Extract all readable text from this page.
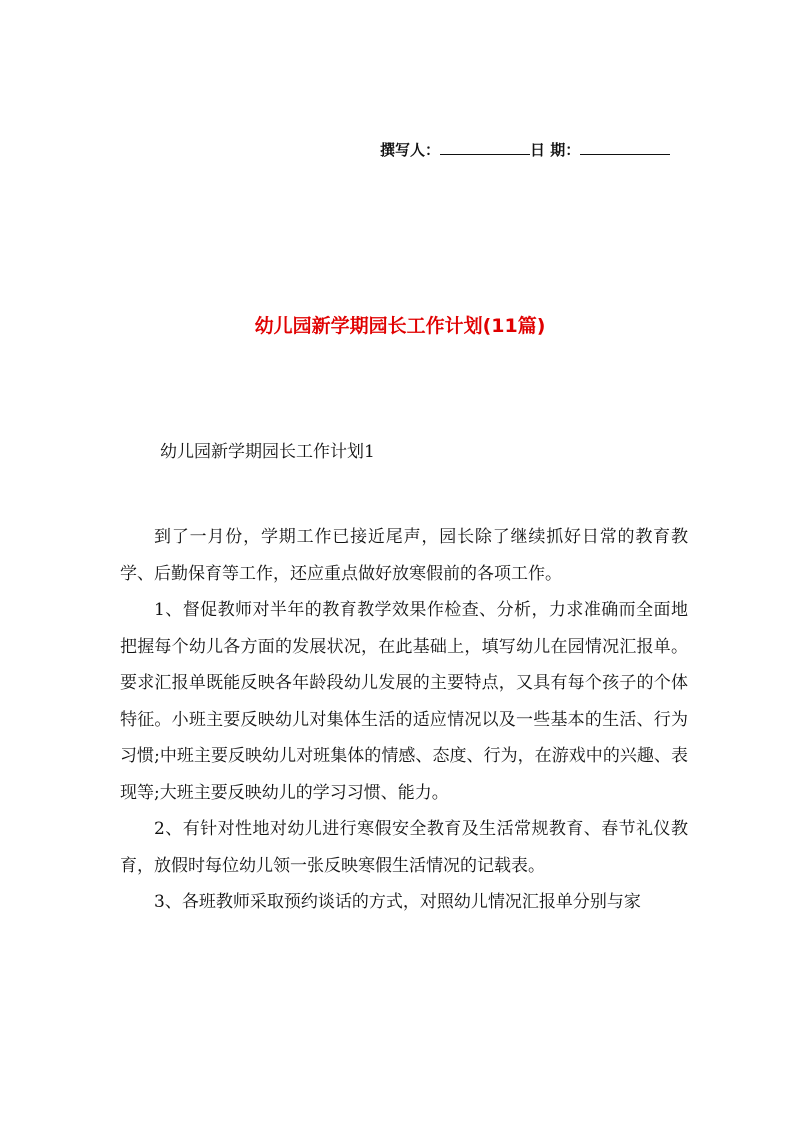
撰写人：	日 期：
幼儿园新学期园长工作计划(11篇)
幼儿园新学期园长工作计划1

到了一月份，学期工作已接近尾声，园长除了继续抓好日常的教育教学、后勤保育等工作，还应重点做好放寒假前的各项工作。

1、督促教师对半年的教育教学效果作检查、分析，力求准确而全面地把握每个幼儿各方面的发展状况，在此基础上，填写幼儿在园情况汇报单。要求汇报单既能反映各年龄段幼儿发展的主要特点，又具有每个孩子的个体特征。小班主要反映幼儿对集体生活的适应情况以及一些基本的生活、行为习惯;中班主要反映幼儿对班集体的情感、态度、行为，在游戏中的兴趣、表现等;大班主要反映幼儿的学习习惯、能力。

2、有针对性地对幼儿进行寒假安全教育及生活常规教育、春节礼仪教育，放假时每位幼儿领一张反映寒假生活情况的记载表。

3、各班教师采取预约谈话的方式，对照幼儿情况汇报单分别与家
